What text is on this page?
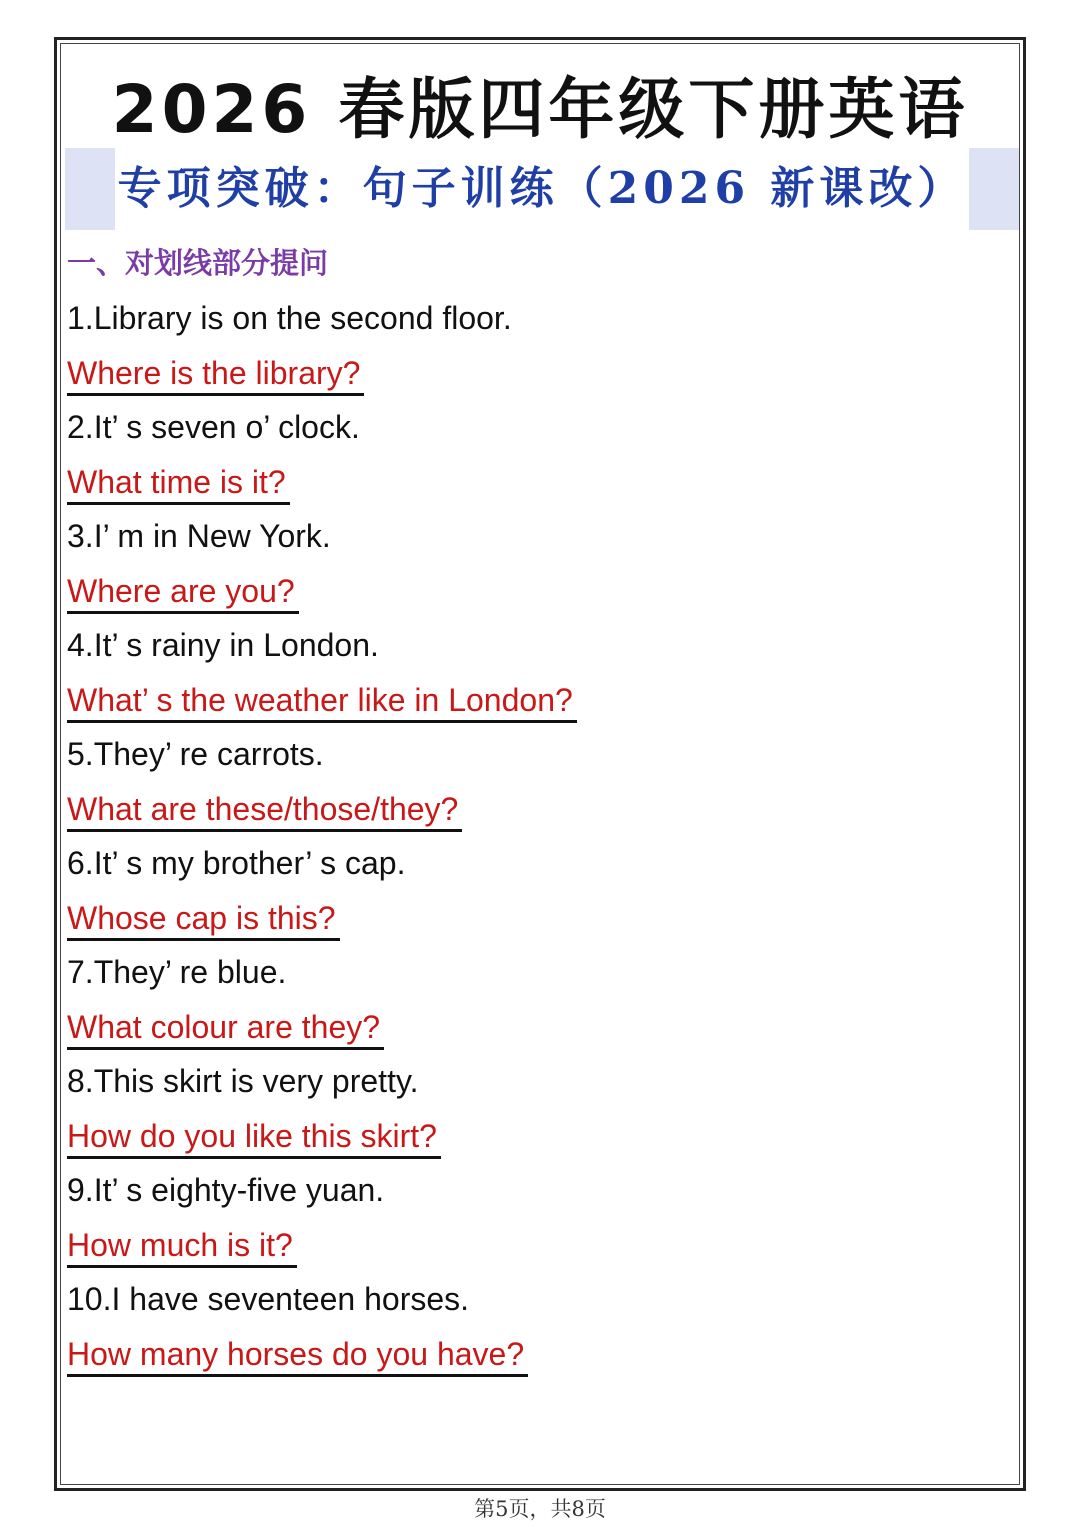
2026 春版四年级下册英语
专项突破：句子训练（2026 新课改）
一、对划线部分提问
1.Library is on the second floor.
Where is the library?
2.It’ s seven o’ clock.
What time is it?
3.I’ m in New York.
Where are you?
4.It’ s rainy in London.
What’ s the weather like in London?
5.They’ re carrots.
What are these/those/they?
6.It’ s my brother’ s cap.
Whose cap is this?
7.They’ re blue.
What colour are they?
8.This skirt is very pretty.
How do you like this skirt?
9.It’ s eighty-five yuan.
How much is it?
10.I have seventeen horses.
How many horses do you have?
第5页，共8页
